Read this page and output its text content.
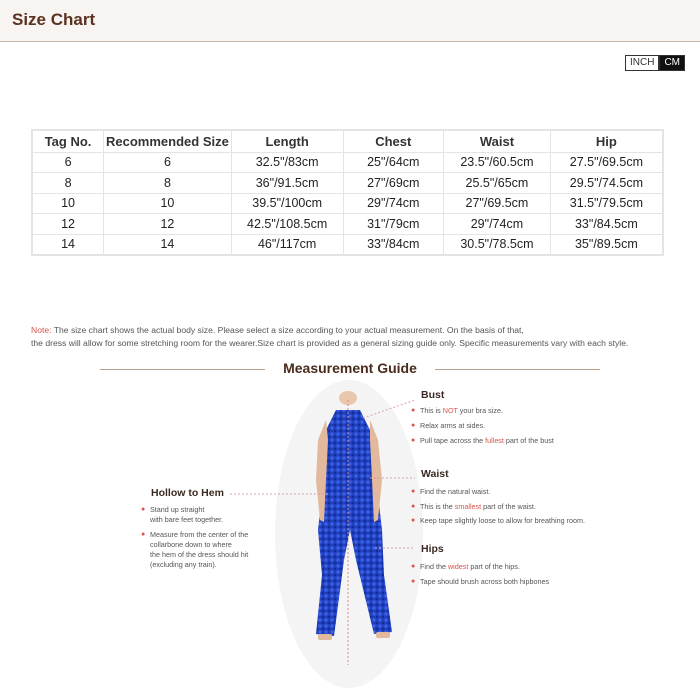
Size Chart
INCH	CM
Tag No.	Recommended Size	Length	Chest	Waist	Hip
6	6	32.5"/83cm	25"/64cm	23.5"/60.5cm	27.5"/69.5cm
8	8	36"/91.5cm	27"/69cm	25.5"/65cm	29.5"/74.5cm
10	10	39.5"/100cm	29"/74cm	27"/69.5cm	31.5"/79.5cm
12	12	42.5"/108.5cm	31"/79cm	29"/74cm	33"/84.5cm
14	14	46"/117cm	33"/84cm	30.5"/78.5cm	35"/89.5cm
Note: The size chart shows the actual body size. Please select a size according to your actual measurement. On the basis of that,
the dress will allow for some stretching room for the wearer.Size chart is provided as a general sizing guide only. Specific measurements vary with each style.
Measurement Guide
Bust
● This is NOT your bra size.
● Relax arms at sides.
● Pull tape across the fullest part of the bust
Waist
● Find the natural waist.
● This is the smallest part of the waist.
● Keep tape slightly loose to allow for breathing room.
Hips
● Find the widest part of the hips.
● Tape should brush across both hipbones
Hollow to Hem
● Stand up straight
with bare feet together.
● Measure from the center of the
collarbone down to where
the hem of the dress should hit
(excluding any train).
